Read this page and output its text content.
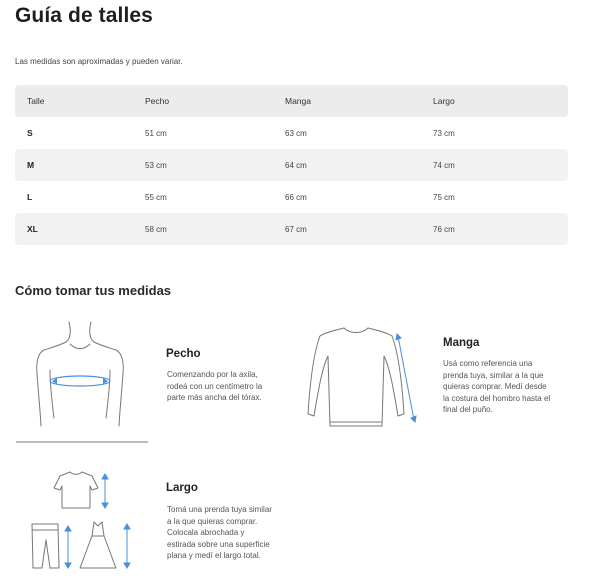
Guía de talles
Las medidas son aproximadas y pueden variar.
Talle	Pecho	Manga	Largo
S	51 cm	63 cm	73 cm
M	53 cm	64 cm	74 cm
L	55 cm	66 cm	75 cm
XL	58 cm	67 cm	76 cm
Cómo tomar tus medidas
Pecho
Comenzando por la axila,
rodeá con un centímetro la
parte más ancha del tórax.
Manga
Usá como referencia una
prenda tuya, similar a la que
quieras comprar. Medí desde
la costura del hombro hasta el
final del puño.
Largo
Tomá una prenda tuya similar
a la que quieras comprar.
Colocala abrochada y
estirada sobre una superficie
plana y medí el largo total.
